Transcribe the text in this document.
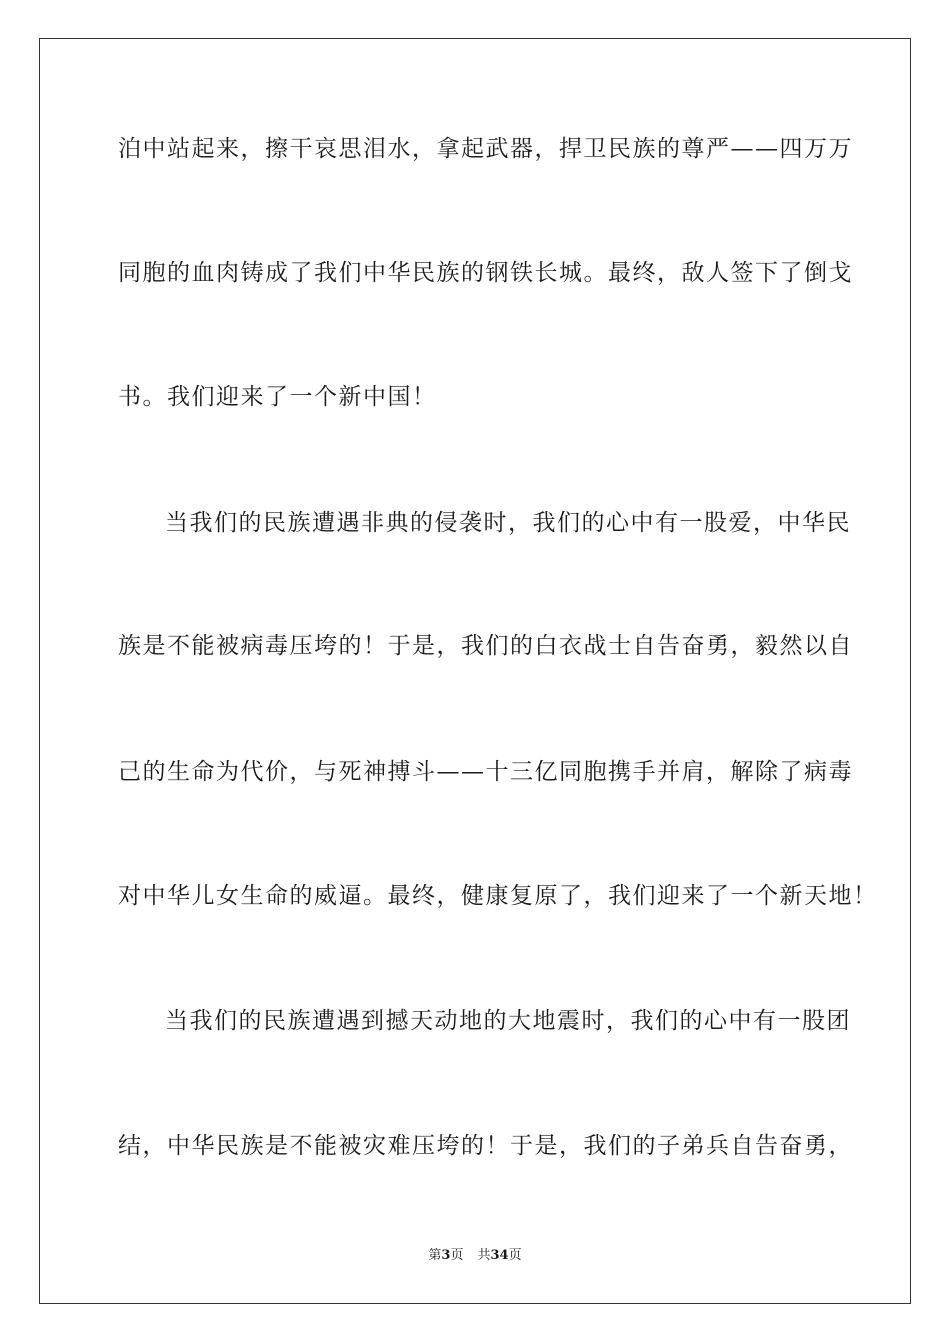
泊中站起来，擦干哀思泪水，拿起武器，捍卫民族的尊严——四万万
同胞的血肉铸成了我们中华民族的钢铁长城。最终，敌人签下了倒戈
书。我们迎来了一个新中国！
当我们的民族遭遇非典的侵袭时，我们的心中有一股爱，中华民
族是不能被病毒压垮的！于是，我们的白衣战士自告奋勇，毅然以自
己的生命为代价，与死神搏斗——十三亿同胞携手并肩，解除了病毒
对中华儿女生命的威逼。最终，健康复原了，我们迎来了一个新天地！
当我们的民族遭遇到撼天动地的大地震时，我们的心中有一股团
结，中华民族是不能被灾难压垮的！于是，我们的子弟兵自告奋勇，
第3页 共34页
